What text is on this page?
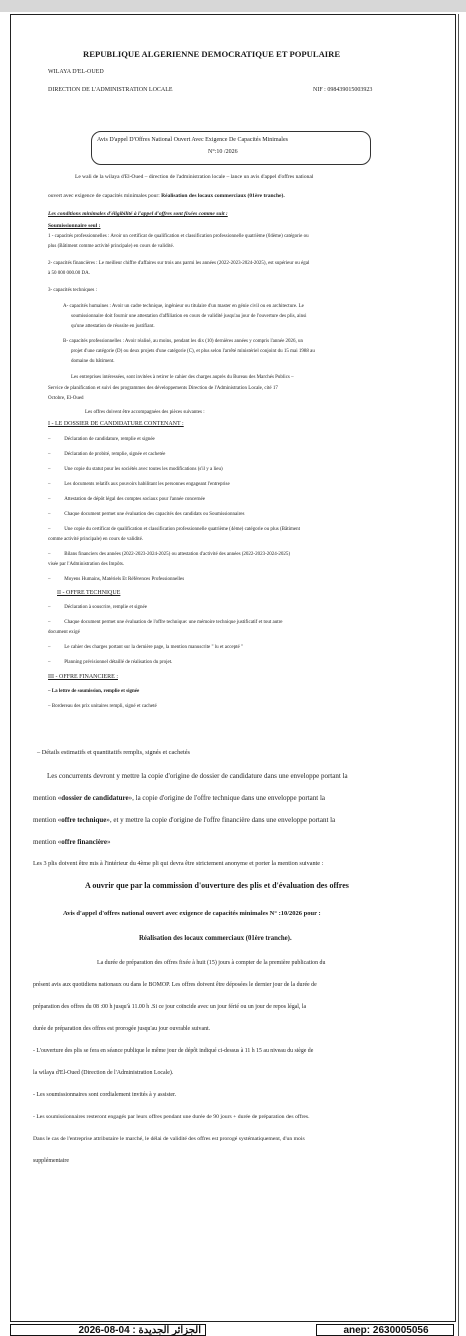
REPUBLIQUE ALGERIENNE DEMOCRATIQUE ET POPULAIRE

WILAYA D'EL-OUED

DIRECTION DE L'ADMINISTRATION LOCALE	NIF : 098439015003923

Avis D'appel D'Offres National Ouvert Avec Exigence De Capacités Minimales

N°:10 /2026

Le wali de la wilaya d'El-Oued – direction de l'administration locale – lance un avis d'appel d'offres national

ouvert avec exigence de capacités minimales pour: Réalisation des locaux commerciaux (01ère tranche).

Les conditions minimales d'éligibilité à l'appel d'offres sont fixées comme suit :

Soumissionnaire seul :

1 - capacités professionnelles : Avoir un certificat de qualification et classification professionnelle quatrième (04ème) catégorie ou

plus (Bâtiment comme activité principale) en cours de validité.

2- capacités financières : Le meilleur chiffre d'affaires sur trois ans parmi les années (2022-2023-2024-2025), est supérieur ou égal

à 50 000 000.00 DA.

3- capacités techniques :

A- capacités humaines : Avoir un cadre technique, ingénieur ou titulaire d'un master en génie civil ou en architecture. Le

soumissionnaire doit fournir une attestation d'affiliation en cours de validité jusqu'au jour de l'ouverture des plis, ainsi

qu'une attestation de réussite en justifiant.

B- capacités professionnelles : Avoir réalisé, au moins, pendant les dix (10) dernières années y compris l'année 2026, un

projet d'une catégorie (D) ou deux projets d'une catégorie (C), et plus selon l'arrêté ministériel conjoint du 15 mai 1988 au

domaine du bâtiment.

Les entreprises intéressées, sont invitées à retirer le cahier des charges auprès du Bureau des Marchés Publics –

Service de planification et suivi des programmes des développements Direction de l'Administration Locale, cité 17

Octobre, El-Oued

Les offres doivent être accompagnées des pièces suivantes :

I - LE DOSSIER DE CANDIDATURE CONTENANT :

–           Déclaration de candidature, remplie et signée

–           Déclaration de probité, remplie, signée et cachetée

–           Une copie du statut pour les sociétés avec toutes les modifications (s'il y a lieu)

–           Les documents relatifs aux pouvoirs habilitant les personnes engageant l'entreprise

–           Attestation de dépôt légal des comptes sociaux pour l'année concernée

–           Chaque document permet une évaluation des capacités des candidats ou Soumissionnaires

–           Une copie du certificat de qualification et classification professionnelle quatrième (4ème) catégorie ou plus (Bâtiment

comme activité principale) en cours de validité.

–           Bilans financiers des années (2022-2023-2024-2025) ou attestation d'activité des années (2022-2023-2024-2025)

visée par l'Administration des Impôts.

–           Moyens Humains, Matériels Et Références Professionnelles

II - OFFRE TECHNIQUE

–           Déclaration à souscrire, remplie et signée

–           Chaque document permet une évaluation de l'offre technique: une mémoire technique justificatif et tout autre

document exigé

–           Le cahier des charges portant sur la dernière page, la mention manuscrite " lu et accepté "

–           Planning prévisionnel détaillé de réalisation du projet.

III - OFFRE FINANCIERE :

– La lettre de soumission, remplie et signée

– Bordereau des prix unitaires rempli, signé et cacheté

– Détails estimatifs et quantitatifs remplis, signés et cachetés

Les concurrents devront y mettre la copie d'origine de dossier de candidature dans une enveloppe portant la

mention «dossier de candidature», la copie d'origine de l'offre technique dans une enveloppe portant la

mention «offre technique», et y mettre la copie d'origine de l'offre financière dans une enveloppe portant la

mention «offre financière»

Les 3 plis doivent être mis à l'intérieur du 4ème pli qui devra être strictement anonyme et porter la mention suivante :

A ouvrir que par la commission d'ouverture des plis et d'évaluation des offres

Avis d'appel d'offres national ouvert avec exigence de capacités minimales N° :10/2026 pour :

Réalisation des locaux commerciaux (01ère tranche).

La durée de préparation des offres fixée à huit (15) jours à compter de la première publication du

présent avis aux quotidiens nationaux ou dans le BOMOP. Les offres doivent être déposées le dernier jour de la durée de

préparation des offres du 08 :00 h jusqu'à 11.00 h .Si ce jour coïncide avec un jour férié ou un jour de repos légal, la

durée de préparation des offres est prorogée jusqu'au jour ouvrable suivant.

- L'ouverture des plis se fera en séance publique le même jour de dépôt indiqué ci-dessus à 11 h 15 au niveau du siège de

la wilaya d'El-Oued (Direction de l'Administration Locale).

- Les soumissionnaires sont cordialement invités à y assister.

- Les soumissionnaires resteront engagés par leurs offres pendant une durée de 90 jours + durée de préparation des offres.

Dans le cas de l'entreprise attributaire le marché, le délai de validité des offres est prorogé systématiquement, d'un mois

supplémentaire

2026-08-04 : الجزائر الجديدة	anep: 2630005056
